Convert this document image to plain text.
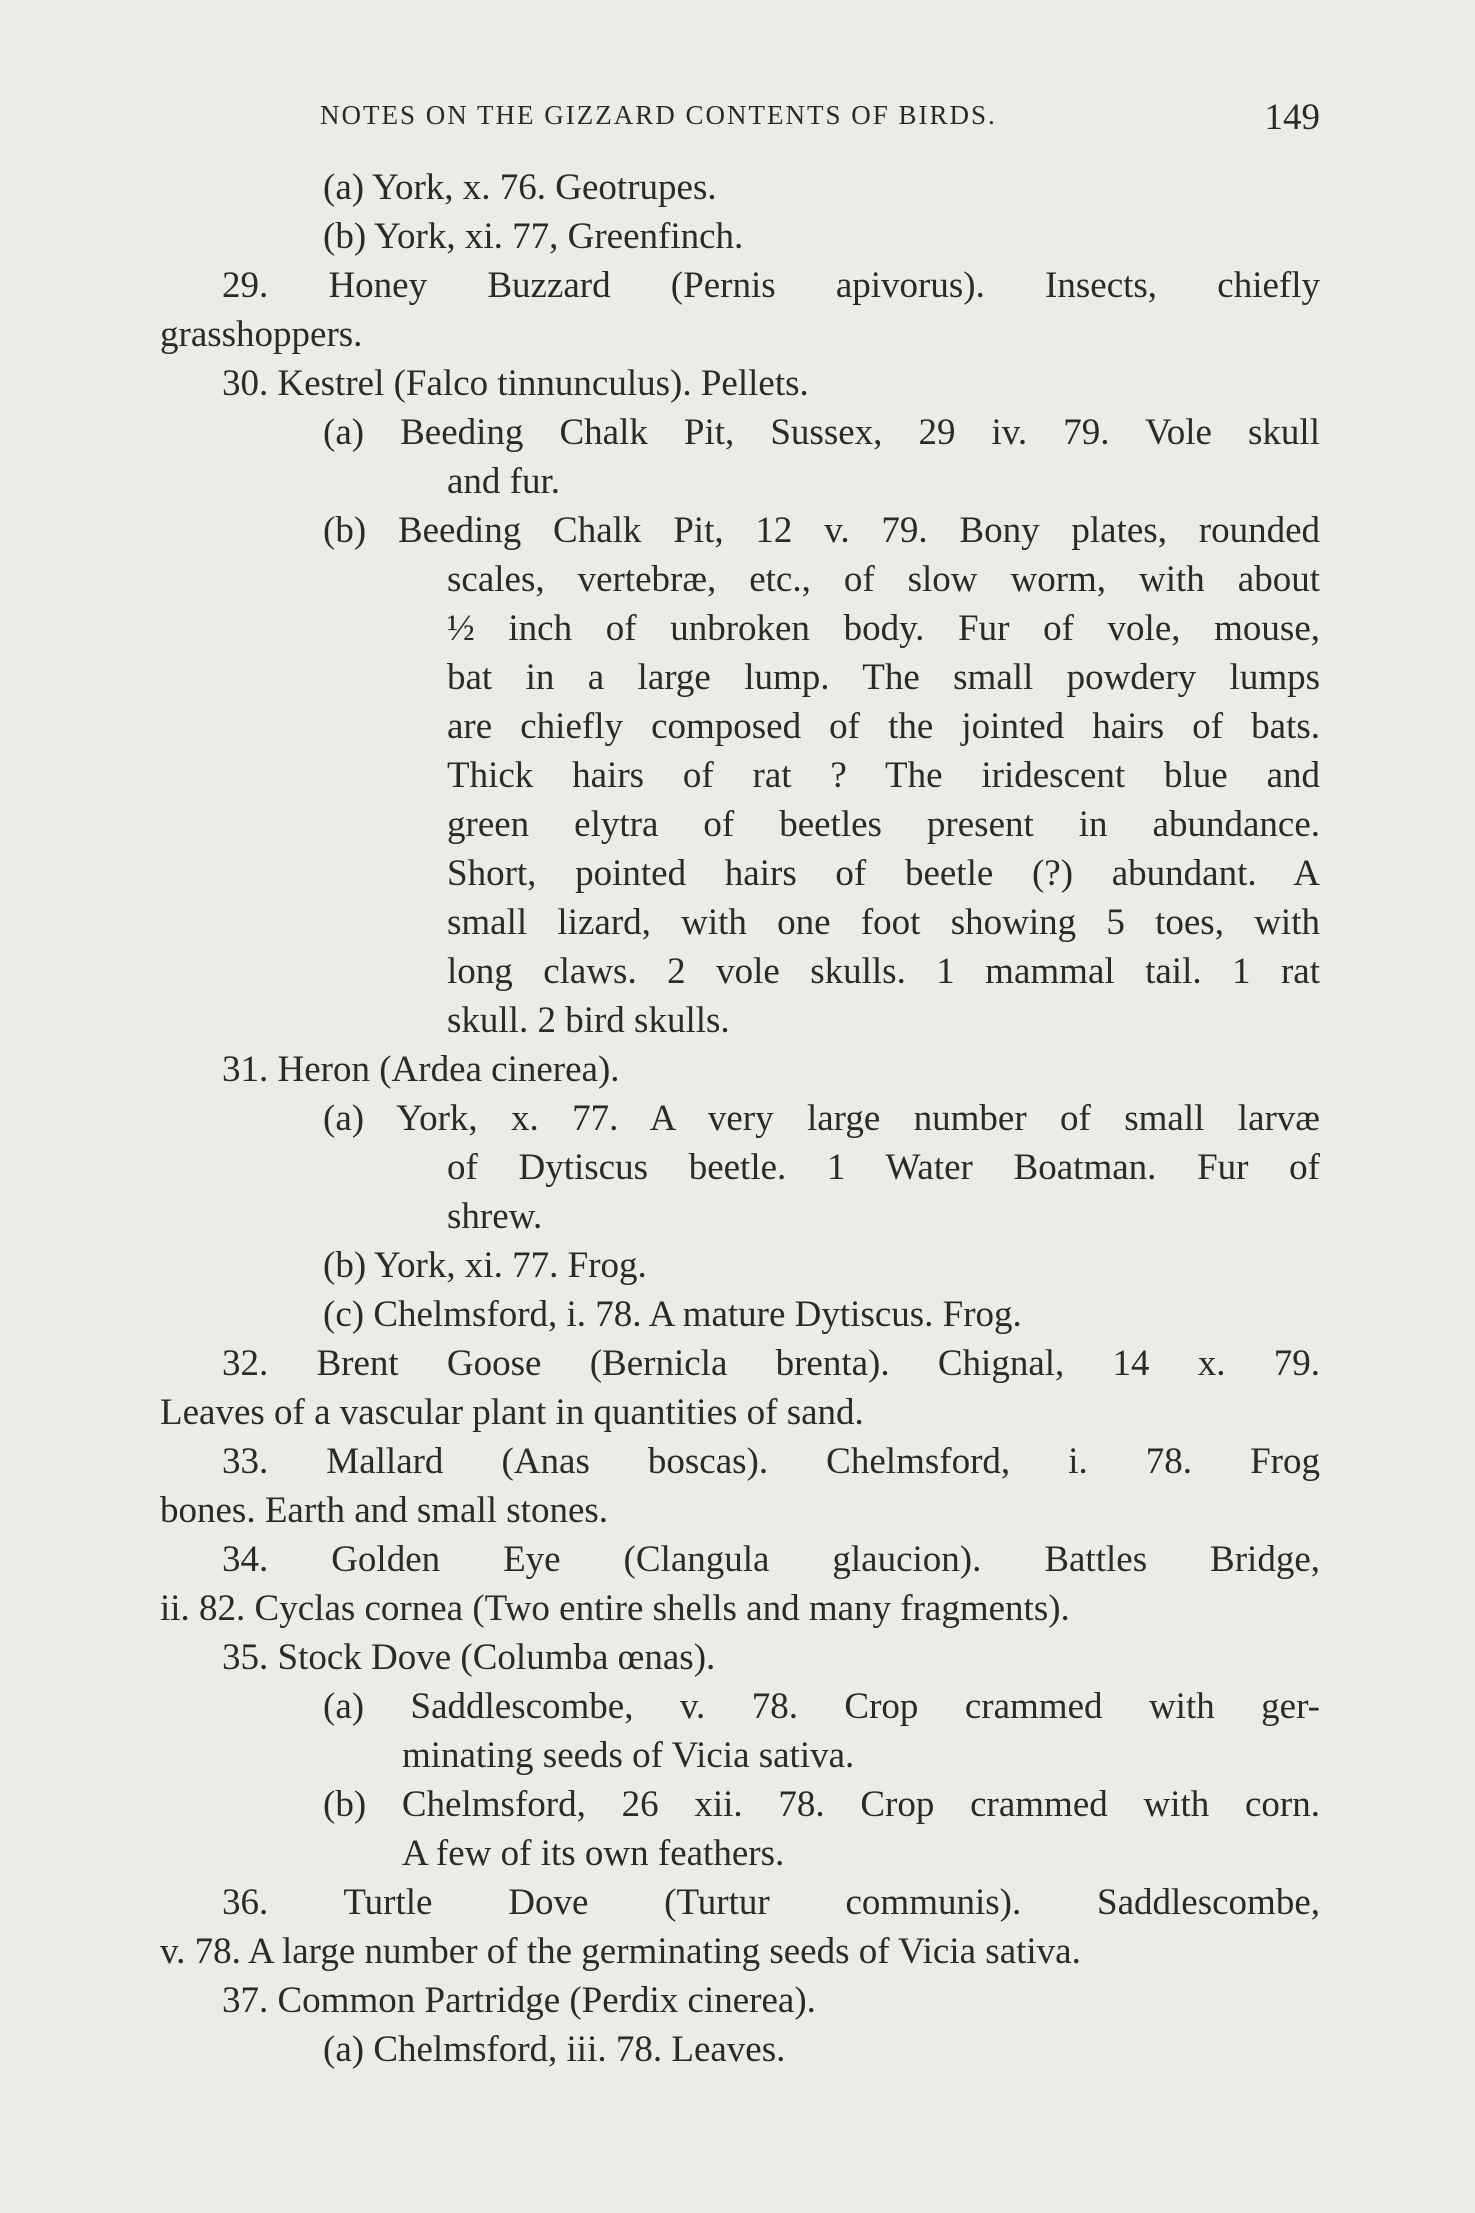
NOTES ON THE GIZZARD CONTENTS OF BIRDS.	149
(a) York, x. 76. Geotrupes.
(b) York, xi. 77, Greenfinch.
29. Honey Buzzard (Pernis apivorus). Insects, chiefly
grasshoppers.
30. Kestrel (Falco tinnunculus). Pellets.
(a) Beeding Chalk Pit, Sussex, 29 iv. 79. Vole skull
and fur.
(b) Beeding Chalk Pit, 12 v. 79. Bony plates, rounded
scales, vertebræ, etc., of slow worm, with about
½ inch of unbroken body. Fur of vole, mouse,
bat in a large lump. The small powdery lumps
are chiefly composed of the jointed hairs of bats.
Thick hairs of rat ? The iridescent blue and
green elytra of beetles present in abundance.
Short, pointed hairs of beetle (?) abundant. A
small lizard, with one foot showing 5 toes, with
long claws. 2 vole skulls. 1 mammal tail. 1 rat
skull. 2 bird skulls.
31. Heron (Ardea cinerea).
(a) York, x. 77. A very large number of small larvæ
of Dytiscus beetle. 1 Water Boatman. Fur of
shrew.
(b) York, xi. 77. Frog.
(c) Chelmsford, i. 78. A mature Dytiscus. Frog.
32. Brent Goose (Bernicla brenta). Chignal, 14 x. 79.
Leaves of a vascular plant in quantities of sand.
33. Mallard (Anas boscas). Chelmsford, i. 78. Frog
bones. Earth and small stones.
34. Golden Eye (Clangula glaucion). Battles Bridge,
ii. 82. Cyclas cornea (Two entire shells and many fragments).
35. Stock Dove (Columba œnas).
(a) Saddlescombe, v. 78. Crop crammed with ger-
minating seeds of Vicia sativa.
(b) Chelmsford, 26 xii. 78. Crop crammed with corn.
A few of its own feathers.
36. Turtle Dove (Turtur communis). Saddlescombe,
v. 78. A large number of the germinating seeds of Vicia sativa.
37. Common Partridge (Perdix cinerea).
(a) Chelmsford, iii. 78. Leaves.
